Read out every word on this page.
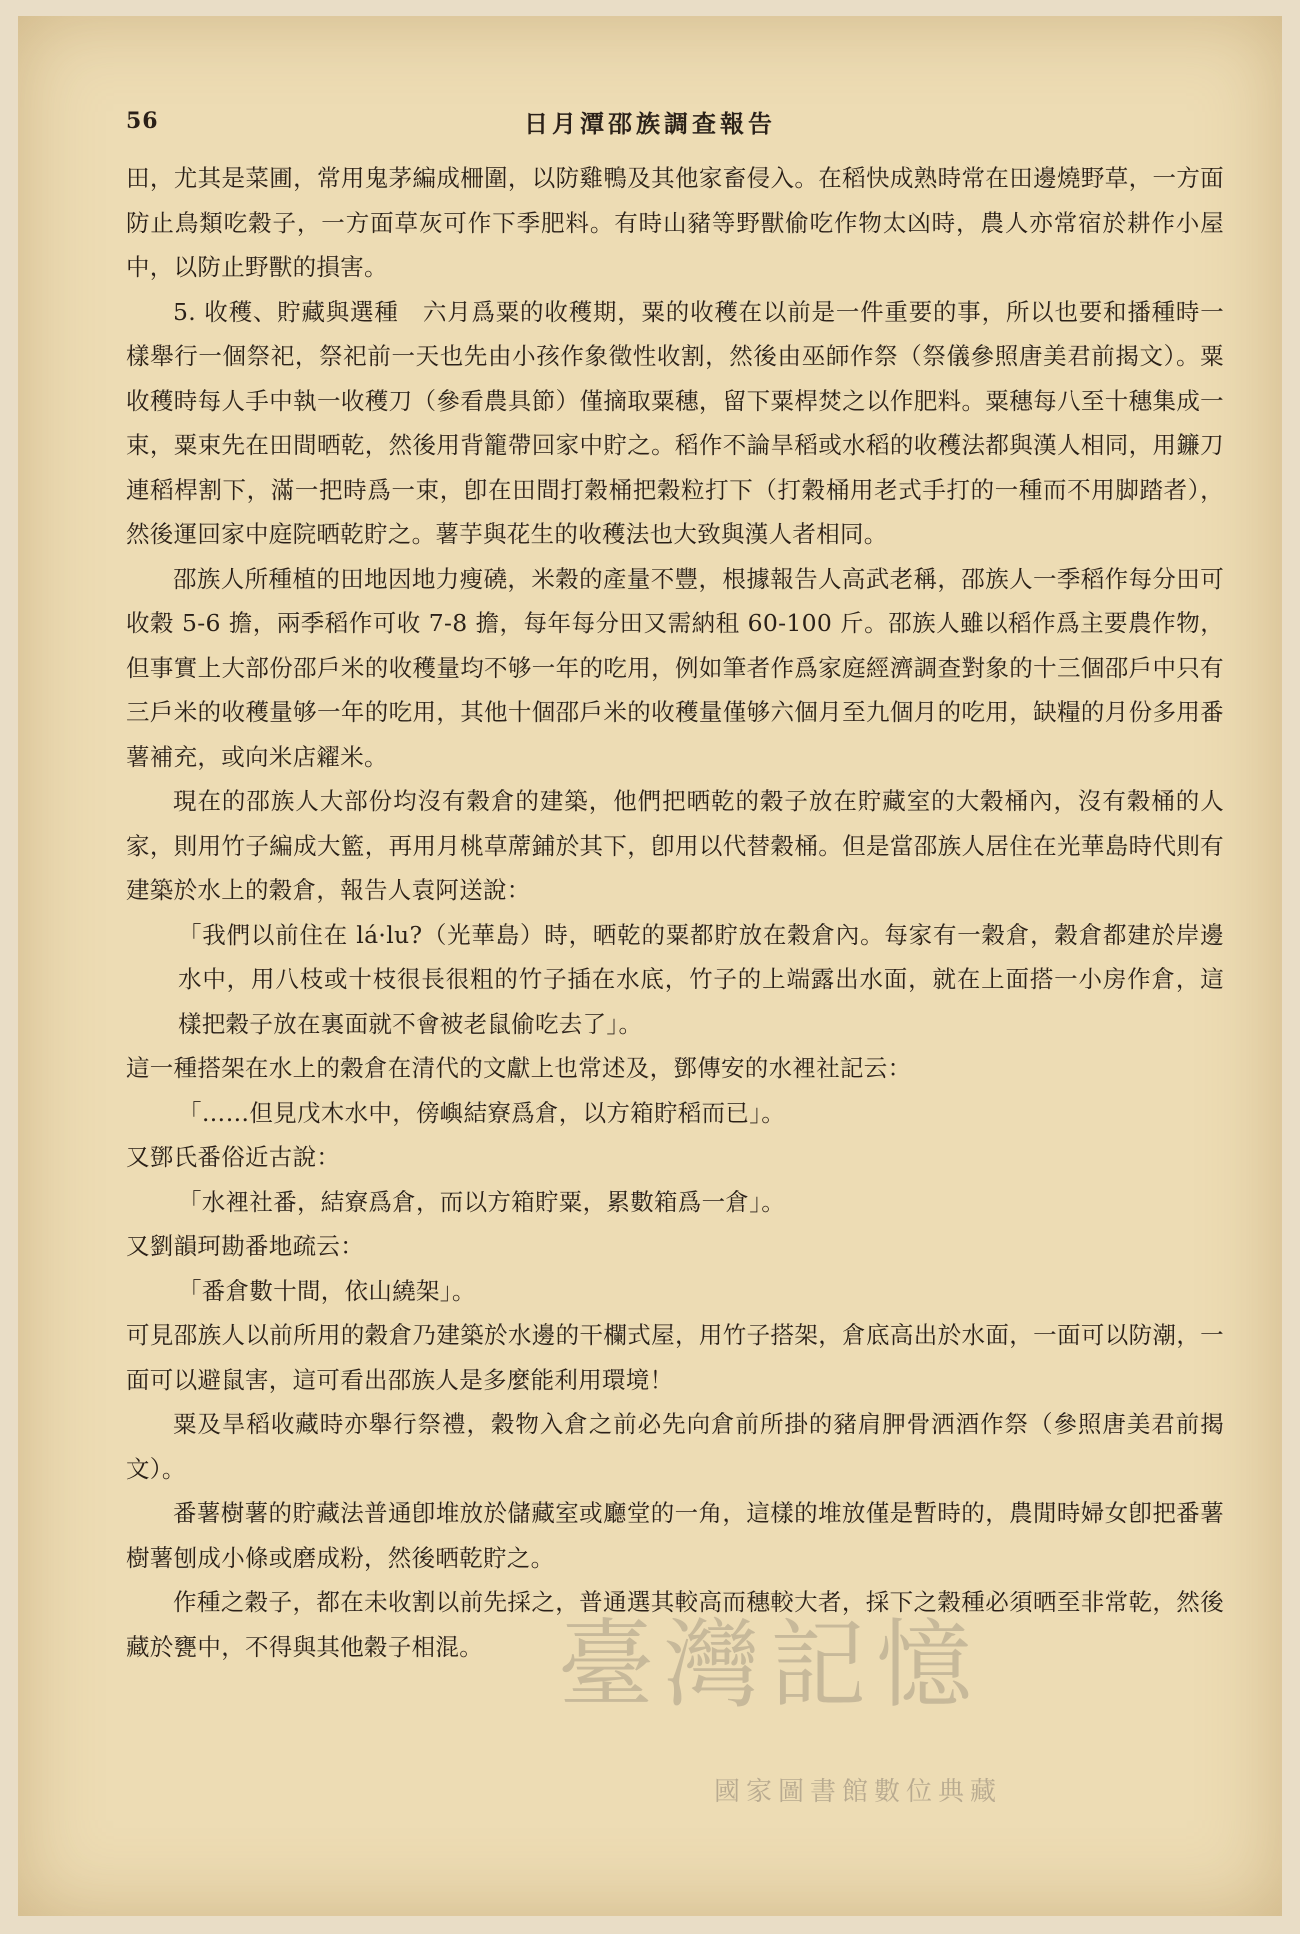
56	日月潭邵族調查報告

田，尤其是菜圃，常用鬼茅編成柵圍，以防雞鴨及其他家畜侵入。在稻快成熟時常在田邊燒野草，一方面防止鳥類吃穀子，一方面草灰可作下季肥料。有時山豬等野獸偷吃作物太凶時，農人亦常宿於耕作小屋中，以防止野獸的損害。

5. 收穫、貯藏與選種　六月爲粟的收穫期，粟的收穫在以前是一件重要的事，所以也要和播種時一樣舉行一個祭祀，祭祀前一天也先由小孩作象徵性收割，然後由巫師作祭（祭儀參照唐美君前揭文）。粟收穫時每人手中執一收穫刀（參看農具節）僅摘取粟穗，留下粟桿焚之以作肥料。粟穗每八至十穗集成一束，粟束先在田間晒乾，然後用背籠帶回家中貯之。稻作不論旱稻或水稻的收穫法都與漢人相同，用鐮刀連稻桿割下，滿一把時爲一束，卽在田間打穀桶把穀粒打下（打穀桶用老式手打的一種而不用脚踏者），然後運回家中庭院晒乾貯之。薯芋與花生的收穫法也大致與漢人者相同。

邵族人所種植的田地因地力瘦磽，米穀的產量不豐，根據報告人高武老稱，邵族人一季稻作每分田可收穀 5-6 擔，兩季稻作可收 7-8 擔，每年每分田又需納租 60-100 斤。邵族人雖以稻作爲主要農作物，但事實上大部份邵戶米的收穫量均不够一年的吃用，例如筆者作爲家庭經濟調查對象的十三個邵戶中只有三戶米的收穫量够一年的吃用，其他十個邵戶米的收穫量僅够六個月至九個月的吃用，缺糧的月份多用番薯補充，或向米店糴米。

現在的邵族人大部份均沒有穀倉的建築，他們把晒乾的穀子放在貯藏室的大穀桶內，沒有穀桶的人家，則用竹子編成大籃，再用月桃草蓆鋪於其下，卽用以代替穀桶。但是當邵族人居住在光華島時代則有建築於水上的穀倉，報告人袁阿送說：

「我們以前住在 lá·lu?（光華島）時，晒乾的粟都貯放在穀倉內。每家有一穀倉，穀倉都建於岸邊水中，用八枝或十枝很長很粗的竹子插在水底，竹子的上端露出水面，就在上面搭一小房作倉，這樣把穀子放在裏面就不會被老鼠偷吃去了」。

這一種搭架在水上的穀倉在清代的文獻上也常述及，鄧傳安的水裡社記云：

「……但見戊木水中，傍嶼結寮爲倉，以方箱貯稻而已」。

又鄧氏番俗近古說：

「水裡社番，結寮爲倉，而以方箱貯粟，累數箱爲一倉」。

又劉韻珂勘番地疏云：

「番倉數十間，依山繞架」。

可見邵族人以前所用的穀倉乃建築於水邊的干欄式屋，用竹子搭架，倉底高出於水面，一面可以防潮，一面可以避鼠害，這可看出邵族人是多麼能利用環境！

粟及旱稻收藏時亦舉行祭禮，穀物入倉之前必先向倉前所掛的豬肩胛骨洒酒作祭（參照唐美君前揭文）。

番薯樹薯的貯藏法普通卽堆放於儲藏室或廳堂的一角，這樣的堆放僅是暫時的，農閒時婦女卽把番薯樹薯刨成小條或磨成粉，然後晒乾貯之。

作種之穀子，都在未收割以前先採之，普通選其較高而穗較大者，採下之穀種必須晒至非常乾，然後藏於甕中，不得與其他穀子相混。 臺灣記憶
國家圖書館數位典藏
